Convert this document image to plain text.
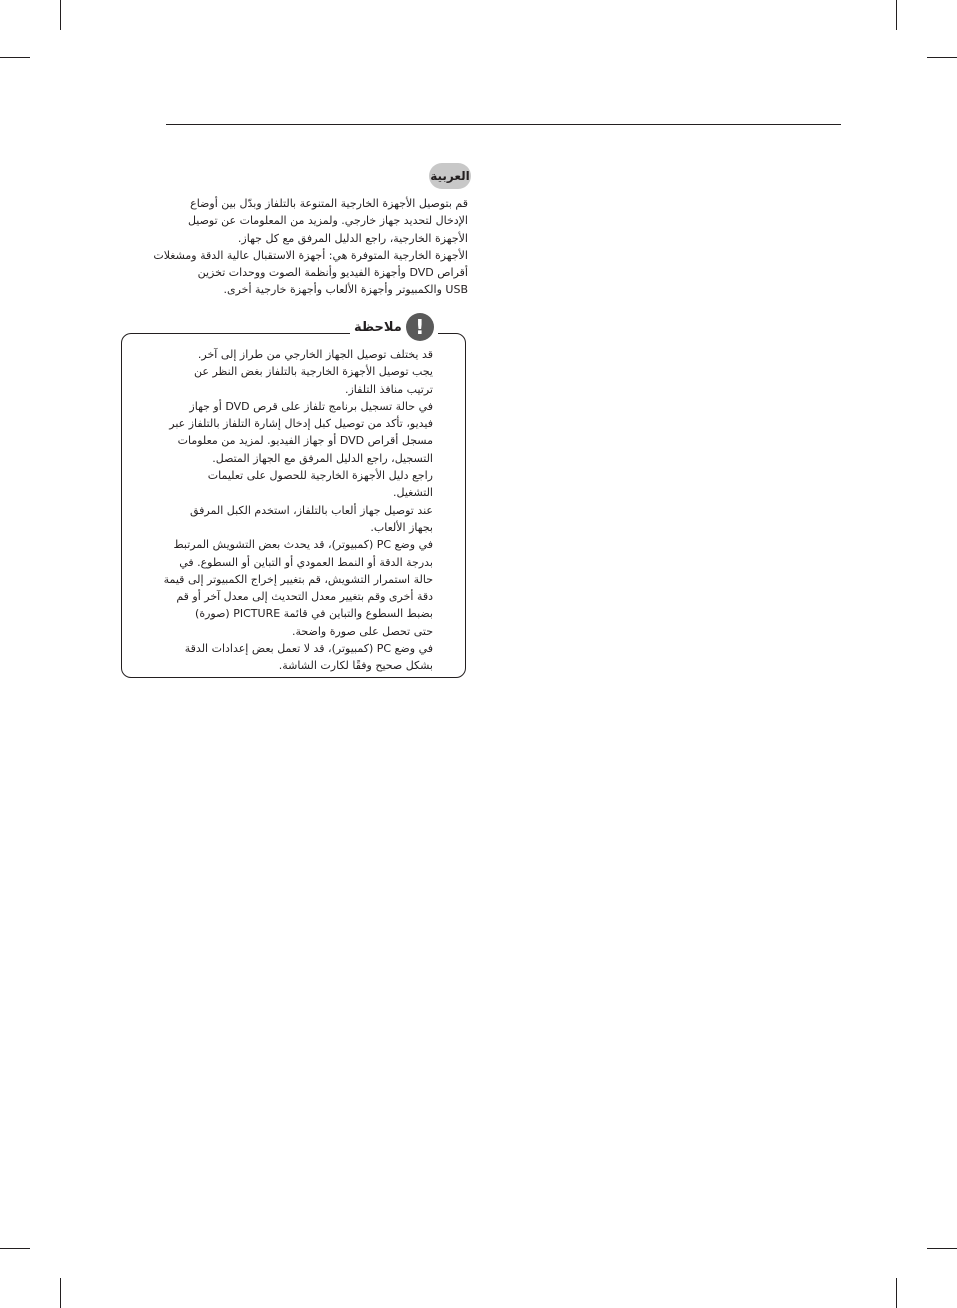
العربية

قم بتوصيل الأجهزة الخارجية المتنوعة بالتلفاز وبدّل بين أوضاع

الإدخال لتحديد جهاز خارجي. ولمزيد من المعلومات عن توصيل

الأجهزة الخارجية، راجع الدليل المرفق مع كل جهاز.

الأجهزة الخارجية المتوفرة هي: أجهزة الاستقبال عالية الدقة ومشغلات

أقراص DVD وأجهزة الفيديو وأنظمة الصوت ووحدات تخزين

USB والكمبيوتر وأجهزة الألعاب وأجهزة خارجية أخرى.

!
ملاحظة
قد يختلف توصيل الجهاز الخارجي من طراز إلى آخر.
يجب توصيل الأجهزة الخارجية بالتلفاز بغض النظر عن
ترتيب منافذ التلفاز.
في حالة تسجيل برنامج تلفاز على قرص DVD أو جهاز
فيديو، تأكد من توصيل كبل إدخال إشارة التلفاز بالتلفاز عبر
مسجل أقراص DVD أو جهاز الفيديو. لمزيد من معلومات
التسجيل، راجع الدليل المرفق مع الجهاز المتصل.
راجع دليل الأجهزة الخارجية للحصول على تعليمات
التشغيل.
عند توصيل جهاز ألعاب بالتلفاز، استخدم الكبل المرفق
بجهاز الألعاب.
في وضع PC (كمبيوتر)، قد يحدث بعض التشويش المرتبط
بدرجة الدقة أو النمط العمودي أو التباين أو السطوع. في
حالة استمرار التشويش، قم بتغيير إخراج الكمبيوتر إلى قيمة
دقة أخرى وقم بتغيير معدل التحديث إلى معدل آخر أو قم
بضبط السطوع والتباين في قائمة PICTURE (صورة)
حتى تحصل على صورة واضحة.
في وضع PC (كمبيوتر)، قد لا تعمل بعض إعدادات الدقة
بشكل صحيح وفقًا لكارت الشاشة.
